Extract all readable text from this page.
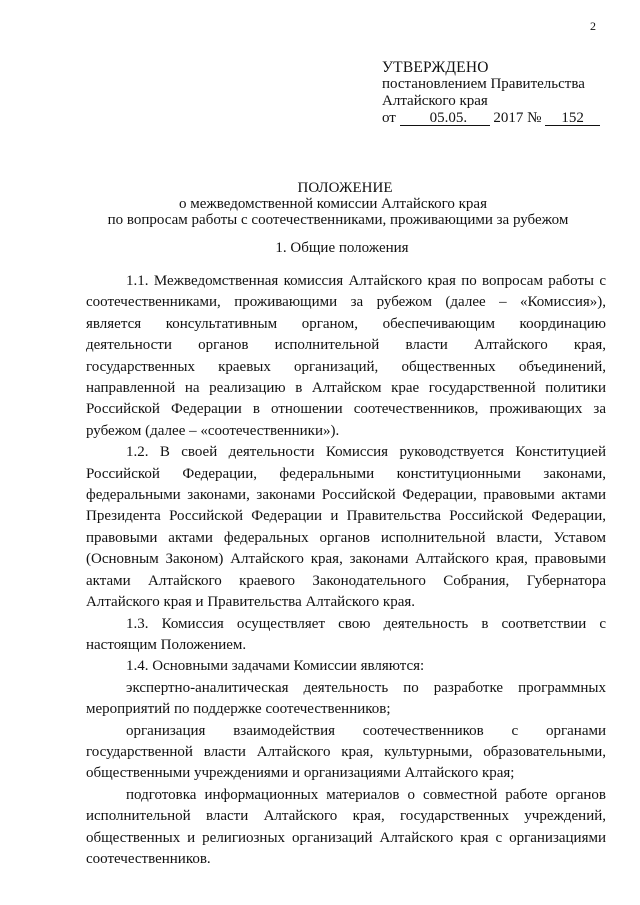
2
УТВЕРЖДЕНО
постановлением Правительства
Алтайского края
от 05.05. 2017 № 152
ПОЛОЖЕНИЕ
о межведомственной комиссии Алтайского края
по вопросам работы с соотечественниками, проживающими за рубежом
1. Общие положения

1.1. Межведомственная комиссия Алтайского края по вопросам работы с соотечественниками, проживающими за рубежом (далее – «Комиссия»), является консультативным органом, обеспечивающим координацию деятельности органов исполнительной власти Алтайского края, государственных краевых организаций, общественных объединений, направленной на реализацию в Алтайском крае государственной политики Российской Федерации в отношении соотечественников, проживающих за рубежом (далее – «соотечественники»).

1.2. В своей деятельности Комиссия руководствуется Конституцией Российской Федерации, федеральными конституционными законами, федеральными законами, законами Российской Федерации, правовыми актами Президента Российской Федерации и Правительства Российской Федерации, правовыми актами федеральных органов исполнительной власти, Уставом (Основным Законом) Алтайского края, законами Алтайского края, правовыми актами Алтайского краевого Законодательного Собрания, Губернатора Алтайского края и Правительства Алтайского края.

1.3. Комиссия осуществляет свою деятельность в соответствии с настоящим Положением.

1.4. Основными задачами Комиссии являются:

экспертно-аналитическая деятельность по разработке программных мероприятий по поддержке соотечественников;

организация взаимодействия соотечественников с органами государственной власти Алтайского края, культурными, образовательными, общественными учреждениями и организациями Алтайского края;

подготовка информационных материалов о совместной работе органов исполнительной власти Алтайского края, государственных учреждений, общественных и религиозных организаций Алтайского края с организациями соотечественников.
